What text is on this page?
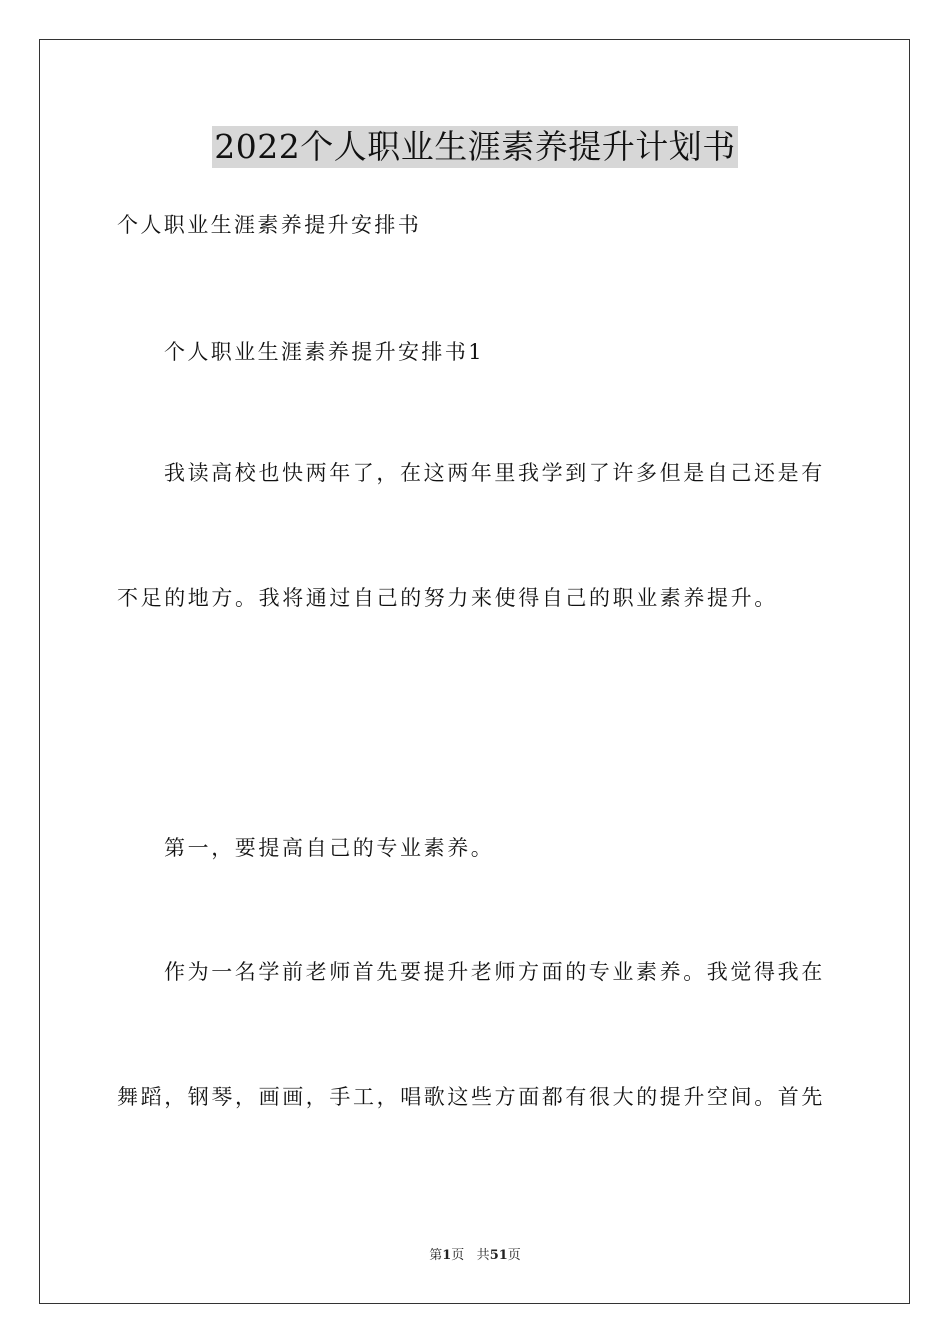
2022个人职业生涯素养提升计划书
个人职业生涯素养提升安排书
个人职业生涯素养提升安排书1
我读高校也快两年了，在这两年里我学到了许多但是自己还是有
不足的地方。我将通过自己的努力来使得自己的职业素养提升。
第一，要提高自己的专业素养。
作为一名学前老师首先要提升老师方面的专业素养。我觉得我在
舞蹈，钢琴，画画，手工，唱歌这些方面都有很大的提升空间。首先
第1页 共51页
